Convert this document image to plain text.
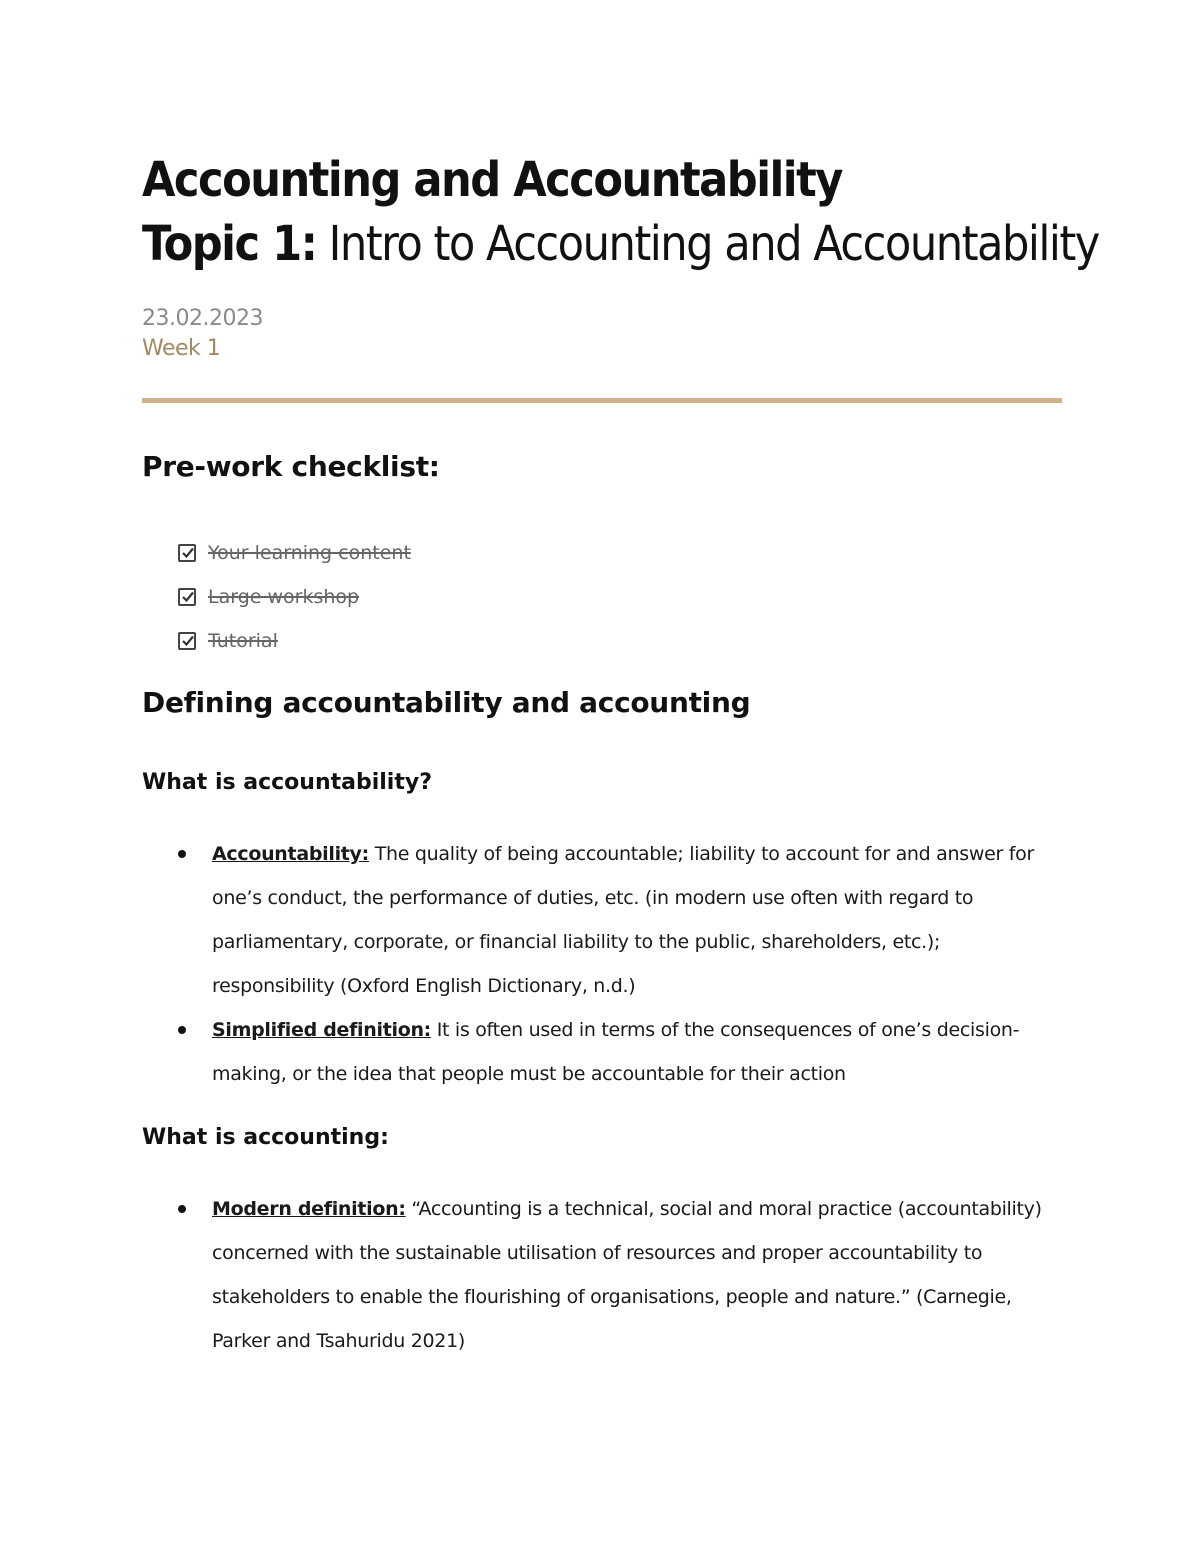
Accounting and Accountability
Topic 1: Intro to Accounting and Accountability
23.02.2023
Week 1
Pre-work checklist:
Your learning content
Large workshop
Tutorial
Defining accountability and accounting
What is accountability?
Accountability: The quality of being accountable; liability to account for and answer for one’s conduct, the performance of duties, etc. (in modern use often with regard to parliamentary, corporate, or financial liability to the public, shareholders, etc.); responsibility (Oxford English Dictionary, n.d.)
Simplified definition: It is often used in terms of the consequences of one’s decision-making, or the idea that people must be accountable for their action
What is accounting:
Modern definition: “Accounting is a technical, social and moral practice (accountability) concerned with the sustainable utilisation of resources and proper accountability to stakeholders to enable the flourishing of organisations, people and nature.” (Carnegie, Parker and Tsahuridu 2021)
